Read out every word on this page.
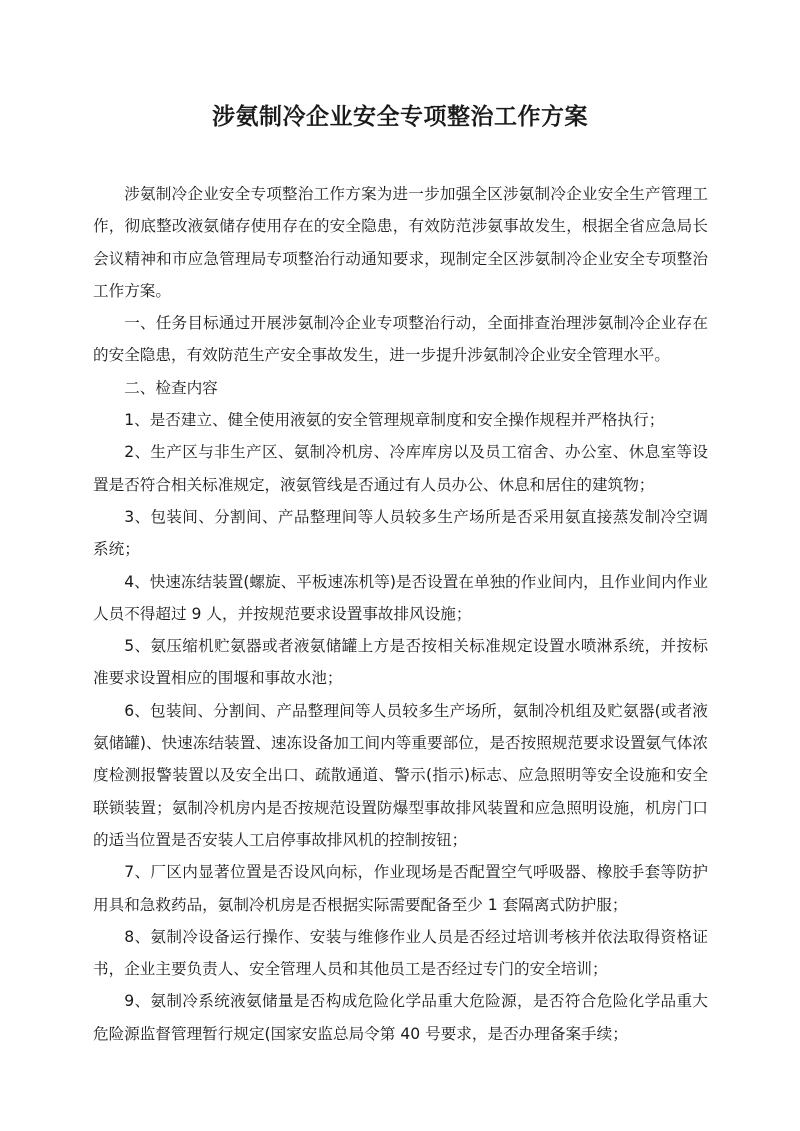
涉氨制冷企业安全专项整治工作方案

涉氨制冷企业安全专项整治工作方案为进一步加强全区涉氨制冷企业安全生产管理工作，彻底整改液氨储存使用存在的安全隐患，有效防范涉氨事故发生，根据全省应急局长会议精神和市应急管理局专项整治行动通知要求，现制定全区涉氨制冷企业安全专项整治工作方案。

一、任务目标通过开展涉氨制冷企业专项整治行动，全面排查治理涉氨制冷企业存在的安全隐患，有效防范生产安全事故发生，进一步提升涉氨制冷企业安全管理水平。

二、检查内容

1、是否建立、健全使用液氨的安全管理规章制度和安全操作规程并严格执行；

2、生产区与非生产区、氨制冷机房、冷库库房以及员工宿舍、办公室、休息室等设置是否符合相关标准规定，液氨管线是否通过有人员办公、休息和居住的建筑物；

3、包装间、分割间、产品整理间等人员较多生产场所是否采用氨直接蒸发制冷空调系统；

4、快速冻结装置(螺旋、平板速冻机等)是否设置在单独的作业间内，且作业间内作业人员不得超过 9 人，并按规范要求设置事故排风设施；

5、氨压缩机贮氨器或者液氨储罐上方是否按相关标准规定设置水喷淋系统，并按标准要求设置相应的围堰和事故水池；

6、包装间、分割间、产品整理间等人员较多生产场所，氨制冷机组及贮氨器(或者液氨储罐)、快速冻结装置、速冻设备加工间内等重要部位，是否按照规范要求设置氨气体浓度检测报警装置以及安全出口、疏散通道、警示(指示)标志、应急照明等安全设施和安全联锁装置；氨制冷机房内是否按规范设置防爆型事故排风装置和应急照明设施，机房门口的适当位置是否安装人工启停事故排风机的控制按钮；

7、厂区内显著位置是否设风向标，作业现场是否配置空气呼吸器、橡胶手套等防护用具和急救药品，氨制冷机房是否根据实际需要配备至少 1 套隔离式防护服；

8、氨制冷设备运行操作、安装与维修作业人员是否经过培训考核并依法取得资格证书，企业主要负责人、安全管理人员和其他员工是否经过专门的安全培训；

9、氨制冷系统液氨储量是否构成危险化学品重大危险源，是否符合危险化学品重大危险源监督管理暂行规定(国家安监总局令第 40 号要求，是否办理备案手续；
